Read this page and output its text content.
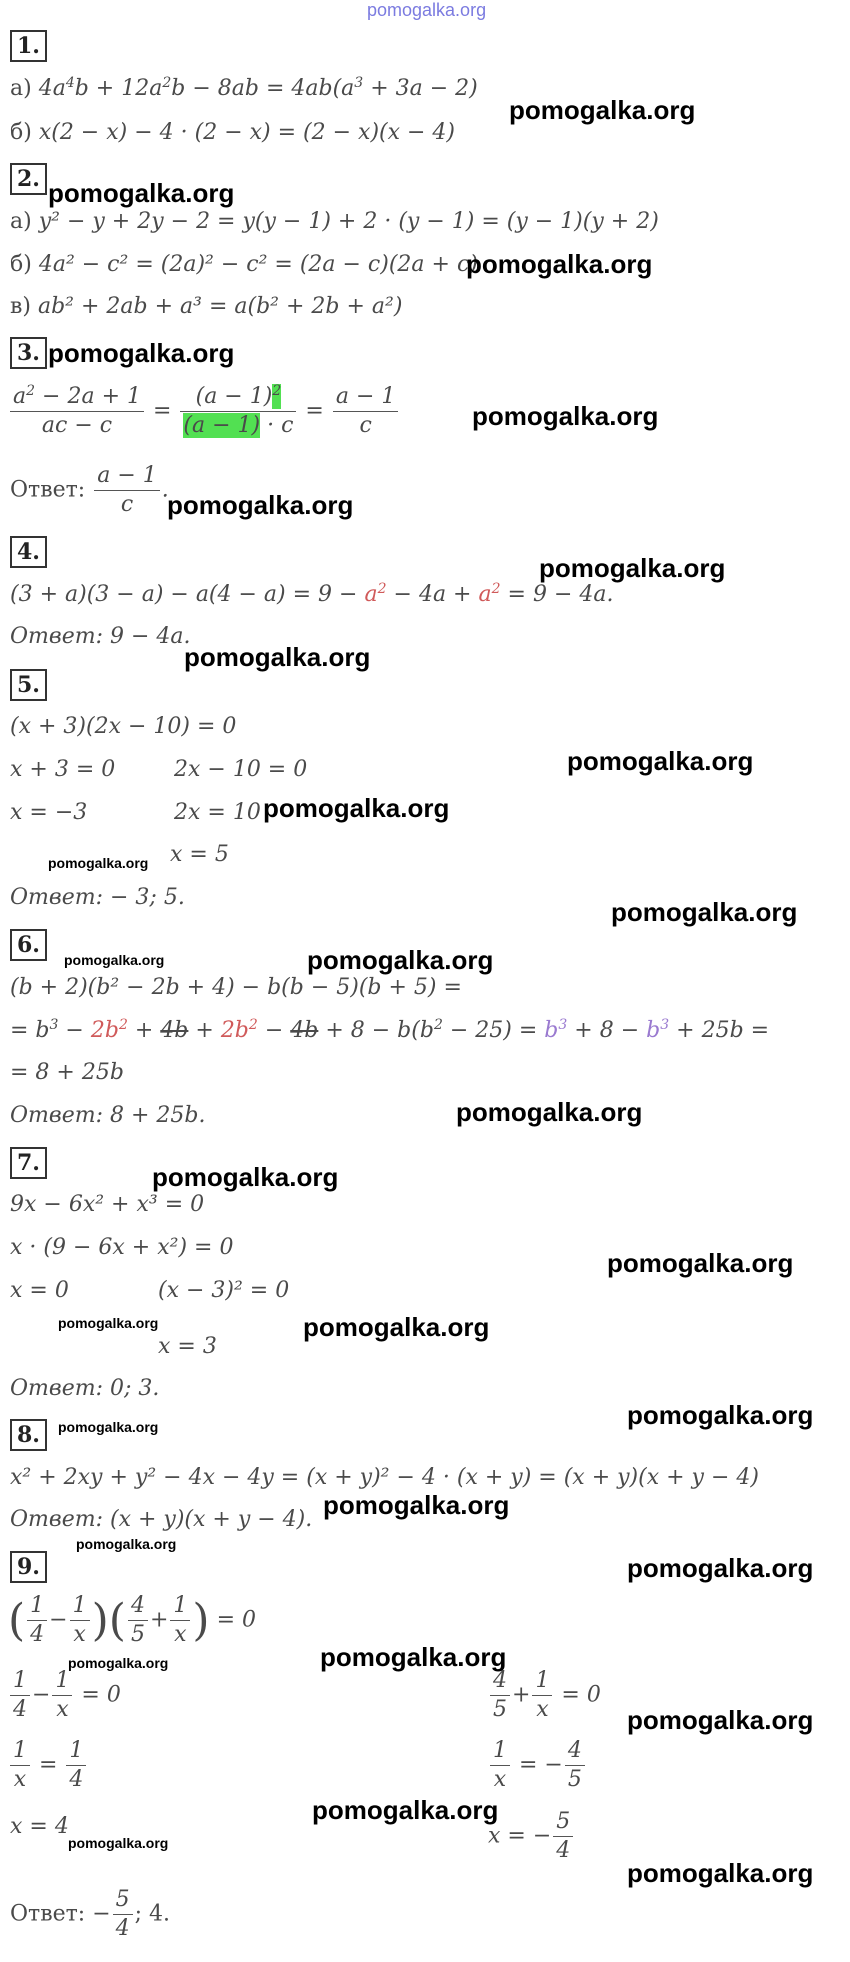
pomogalka.org
1.
а) $4a^4b + 12a^2b - 8ab = 4ab(a^3 + 3a - 2)$
б) x(2 − x) − 4 · (2 − x) = (2 − x)(x − 4)
pomogalka.org
2. pomogalka.org
а) y² − y + 2y − 2 = y(y − 1) + 2 · (y − 1) = (y − 1)(y + 2)
б) 4a² − c² = (2a)² − c² = (2a − c)(2a + c)
pomogalka.org
в) ab² + 2ab + a³ = a(b² + 2b + a²)
3. pomogalka.org
$\frac{a^2 - 2a + 1}{ac - c} = \frac{(a - 1)^2}{(a - 1) \cdot c} = \frac{a - 1}{c}$	pomogalka.org
Ответ: $\frac{a - 1}{c}$ .
pomogalka.org
4.
pomogalka.org
$(3 + a)(3 - a) - a(4 - a) = 9 - a^2 - 4a + a^2 = 9 - 4a$.
Ответ: 9 − 4a.
pomogalka.org
5.
(x + 3)(2x − 10) = 0
x + 3 = 0	2x − 10 = 0	pomogalka.org
x = −3	2x = 10 pomogalka.org
pomogalka.org x = 5
Ответ: − 3; 5.	pomogalka.org
6.
pomogalka.org	pomogalka.org
(b + 2)(b² − 2b + 4) − b(b − 5)(b + 5) =
= $b^3 - 2b^2 + 4b + 2b^2 - 4b + 8 - b(b^2 - 25) = b^3 + 8 - b^3 + 25b$ =
= 8 + 25b
Ответ: 8 + 25b.	pomogalka.org
7.	pomogalka.org
9x − 6x² + x³ = 0
x · (9 − 6x + x²) = 0
pomogalka.org
x = 0	(x − 3)² = 0
pomogalka.org	pomogalka.org
x = 3
Ответ: 0; 3.
8.	pomogalka.org	pomogalka.org
x² + 2xy + y² − 4x − 4y = (x + y)² − 4 · (x + y) = (x + y)(x + y − 4)
pomogalka.org
Ответ: (x + y)(x + y − 4).
pomogalka.org
9.	pomogalka.org
( $\frac{1}{4} - \frac{1}{x}$ )( $\frac{4}{5} + \frac{1}{x}$ ) = 0
pomogalka.org
pomogalka.org
$\frac{1}{4} - \frac{1}{x} = 0$	$\frac{4}{5} + \frac{1}{x} = 0$
pomogalka.org
$\frac{1}{x} = \frac{1}{4}$	$\frac{1}{x}$ = − $\frac{4}{5}$
x = 4
pomogalka.org
pomogalka.org	x = − $\frac{5}{4}$
pomogalka.org
Ответ: − $\frac{5}{4}$ ; 4.
